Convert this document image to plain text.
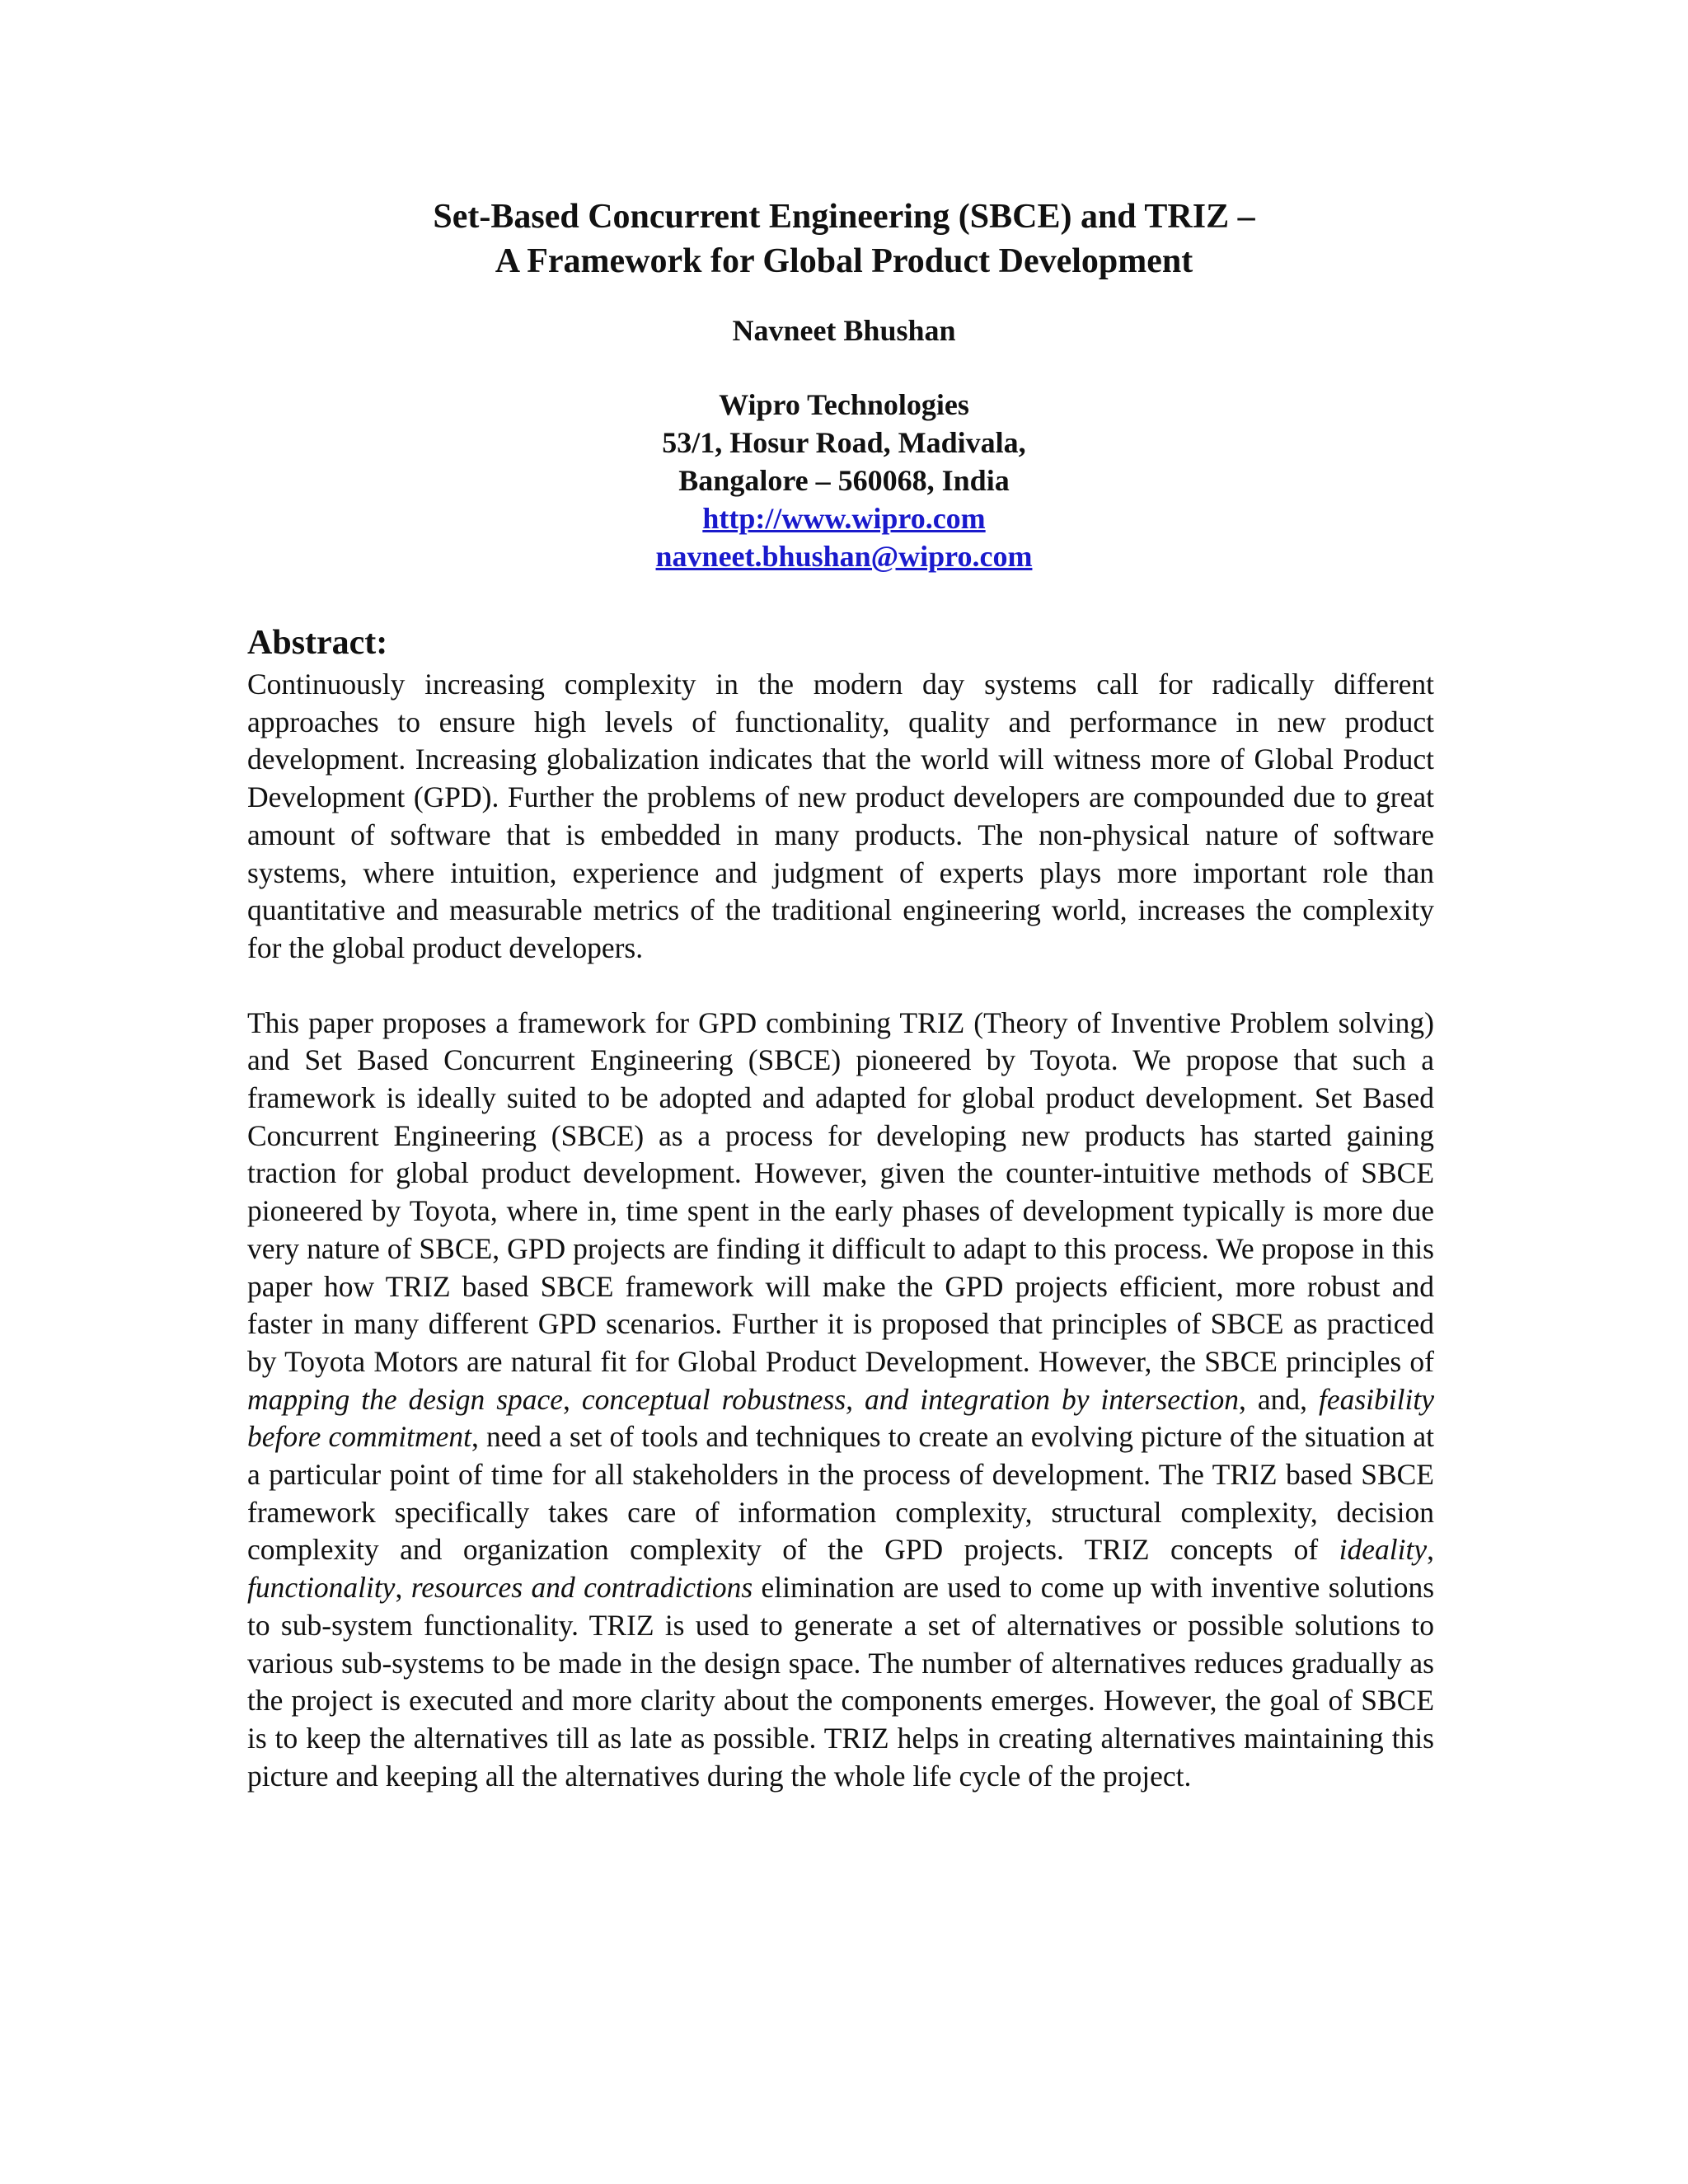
Set-Based Concurrent Engineering (SBCE) and TRIZ –
A Framework for Global Product Development
Navneet Bhushan
Wipro Technologies
53/1, Hosur Road, Madivala,
Bangalore – 560068, India
http://www.wipro.com
navneet.bhushan@wipro.com
Abstract:

Continuously increasing complexity in the modern day systems call for radically different approaches to ensure high levels of functionality, quality and performance in new product development. Increasing globalization indicates that the world will witness more of Global Product Development (GPD). Further the problems of new product developers are compounded due to great amount of software that is embedded in many products. The non-physical nature of software systems, where intuition, experience and judgment of experts plays more important role than quantitative and measurable metrics of the traditional engineering world, increases the complexity for the global product developers.

This paper proposes a framework for GPD combining TRIZ (Theory of Inventive Problem solving) and Set Based Concurrent Engineering (SBCE) pioneered by Toyota. We propose that such a framework is ideally suited to be adopted and adapted for global product development. Set Based Concurrent Engineering (SBCE) as a process for developing new products has started gaining traction for global product development. However, given the counter-intuitive methods of SBCE pioneered by Toyota, where in, time spent in the early phases of development typically is more due very nature of SBCE, GPD projects are finding it difficult to adapt to this process. We propose in this paper how TRIZ based SBCE framework will make the GPD projects efficient, more robust and faster in many different GPD scenarios. Further it is proposed that principles of SBCE as practiced by Toyota Motors are natural fit for Global Product Development. However, the SBCE principles of mapping the design space, conceptual robustness, and integration by intersection, and, feasibility before commitment, need a set of tools and techniques to create an evolving picture of the situation at a particular point of time for all stakeholders in the process of development. The TRIZ based SBCE framework specifically takes care of information complexity, structural complexity, decision complexity and organization complexity of the GPD projects. TRIZ concepts of ideality, functionality, resources and contradictions elimination are used to come up with inventive solutions to sub-system functionality. TRIZ is used to generate a set of alternatives or possible solutions to various sub-systems to be made in the design space. The number of alternatives reduces gradually as the project is executed and more clarity about the components emerges. However, the goal of SBCE is to keep the alternatives till as late as possible. TRIZ helps in creating alternatives maintaining this picture and keeping all the alternatives during the whole life cycle of the project.
